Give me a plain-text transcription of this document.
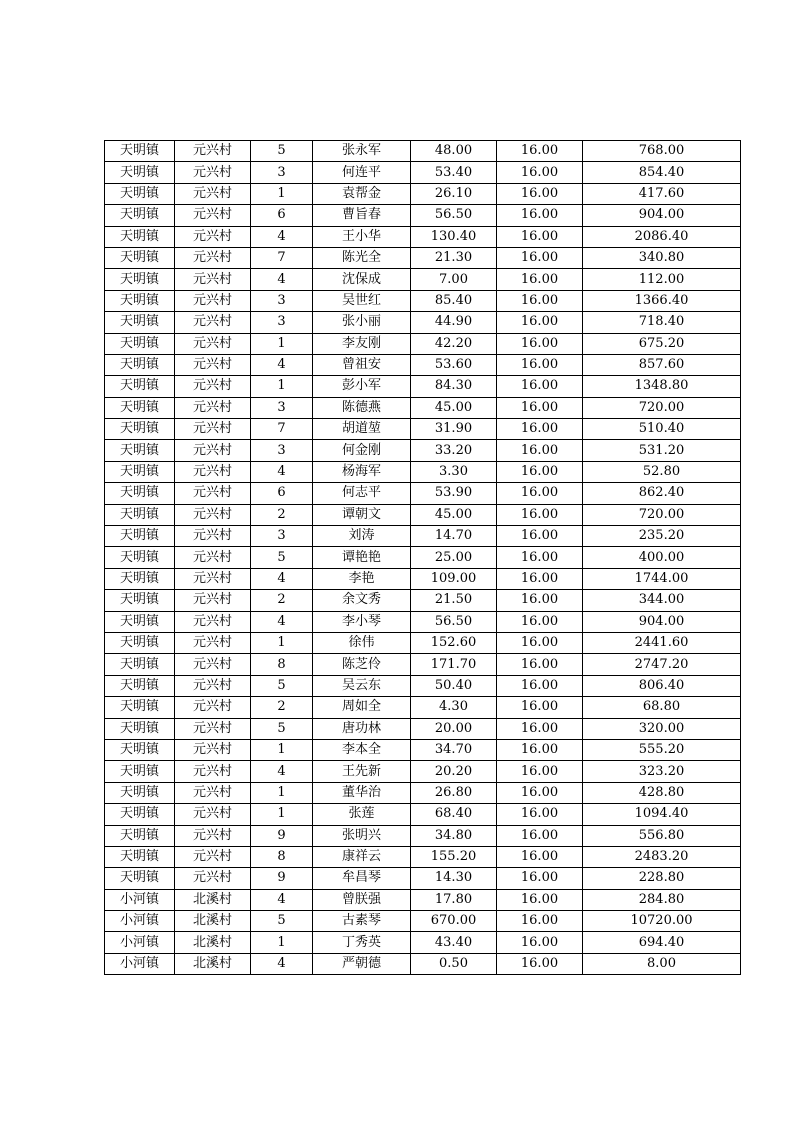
天明镇	元兴村	5	张永军	48.00	16.00	768.00
天明镇	元兴村	3	何连平	53.40	16.00	854.40
天明镇	元兴村	1	袁帮金	26.10	16.00	417.60
天明镇	元兴村	6	曹旨春	56.50	16.00	904.00
天明镇	元兴村	4	王小华	130.40	16.00	2086.40
天明镇	元兴村	7	陈光全	21.30	16.00	340.80
天明镇	元兴村	4	沈保成	7.00	16.00	112.00
天明镇	元兴村	3	吴世红	85.40	16.00	1366.40
天明镇	元兴村	3	张小丽	44.90	16.00	718.40
天明镇	元兴村	1	李友刚	42.20	16.00	675.20
天明镇	元兴村	4	曾祖安	53.60	16.00	857.60
天明镇	元兴村	1	彭小军	84.30	16.00	1348.80
天明镇	元兴村	3	陈德燕	45.00	16.00	720.00
天明镇	元兴村	7	胡道堃	31.90	16.00	510.40
天明镇	元兴村	3	何金刚	33.20	16.00	531.20
天明镇	元兴村	4	杨海军	3.30	16.00	52.80
天明镇	元兴村	6	何志平	53.90	16.00	862.40
天明镇	元兴村	2	谭朝文	45.00	16.00	720.00
天明镇	元兴村	3	刘涛	14.70	16.00	235.20
天明镇	元兴村	5	谭艳艳	25.00	16.00	400.00
天明镇	元兴村	4	李艳	109.00	16.00	1744.00
天明镇	元兴村	2	余文秀	21.50	16.00	344.00
天明镇	元兴村	4	李小琴	56.50	16.00	904.00
天明镇	元兴村	1	徐伟	152.60	16.00	2441.60
天明镇	元兴村	8	陈芝伶	171.70	16.00	2747.20
天明镇	元兴村	5	吴云东	50.40	16.00	806.40
天明镇	元兴村	2	周如全	4.30	16.00	68.80
天明镇	元兴村	5	唐功林	20.00	16.00	320.00
天明镇	元兴村	1	李本全	34.70	16.00	555.20
天明镇	元兴村	4	王先新	20.20	16.00	323.20
天明镇	元兴村	1	董华治	26.80	16.00	428.80
天明镇	元兴村	1	张莲	68.40	16.00	1094.40
天明镇	元兴村	9	张明兴	34.80	16.00	556.80
天明镇	元兴村	8	康祥云	155.20	16.00	2483.20
天明镇	元兴村	9	牟昌琴	14.30	16.00	228.80
小河镇	北溪村	4	曾朕强	17.80	16.00	284.80
小河镇	北溪村	5	古素琴	670.00	16.00	10720.00
小河镇	北溪村	1	丁秀英	43.40	16.00	694.40
小河镇	北溪村	4	严朝德	0.50	16.00	8.00
